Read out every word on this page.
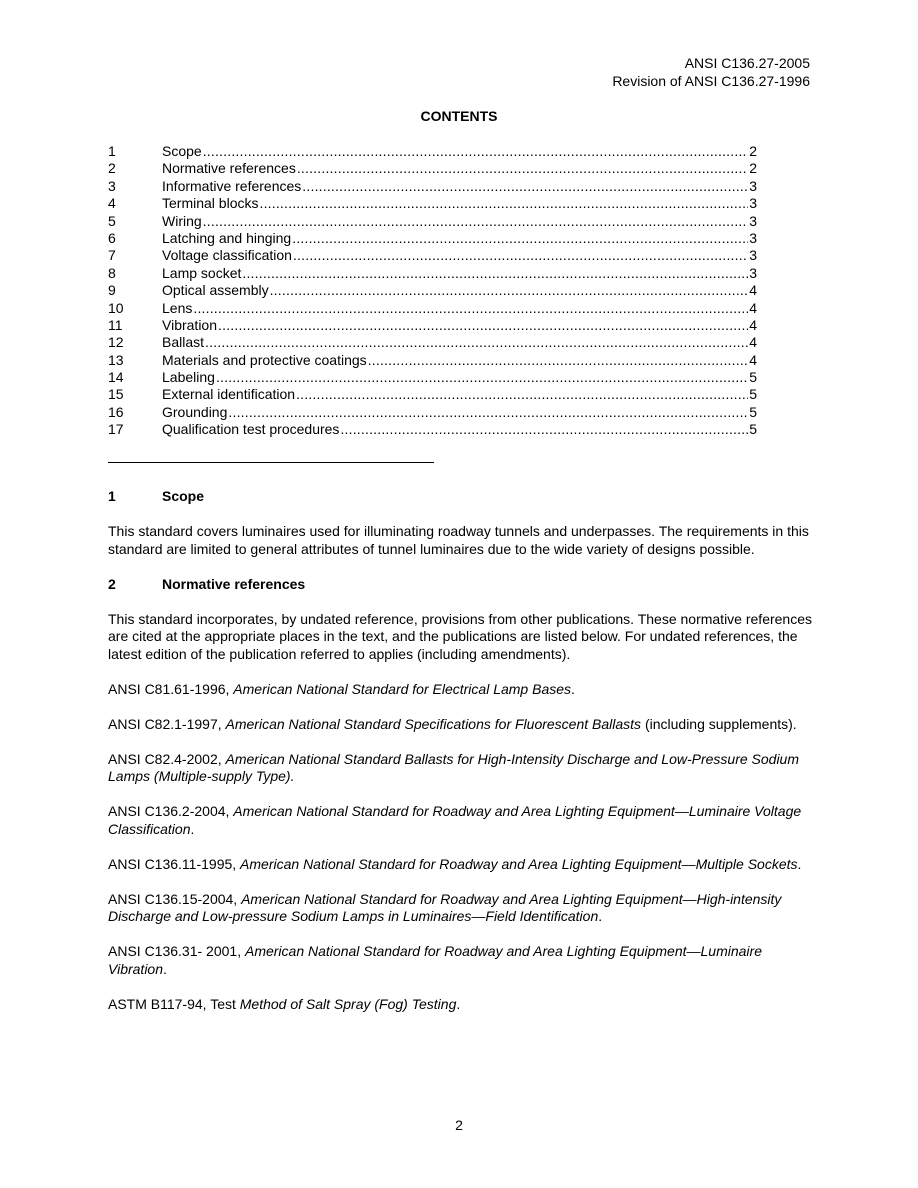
ANSI C136.27-2005
Revision of ANSI C136.27-1996
CONTENTS
1	Scope .....	2
2	Normative references .....	2
3	Informative references .....	3
4	Terminal blocks .....	3
5	Wiring .....	3
6	Latching and hinging .....	3
7	Voltage classification .....	3
8	Lamp socket .....	3
9	Optical assembly .....	4
10	Lens .....	4
11	Vibration .....	4
12	Ballast .....	4
13	Materials and protective coatings .....	4
14	Labeling .....	5
15	External identification .....	5
16	Grounding .....	5
17	Qualification test procedures .....	5
1	Scope

This standard covers luminaires used for illuminating roadway tunnels and underpasses. The requirements in this standard are limited to general attributes of tunnel luminaires due to the wide variety of designs possible.

2	Normative references

This standard incorporates, by undated reference, provisions from other publications. These normative references are cited at the appropriate places in the text, and the publications are listed below. For undated references, the latest edition of the publication referred to applies (including amendments).

ANSI C81.61-1996, American National Standard for Electrical Lamp Bases.

ANSI C82.1-1997, American National Standard Specifications for Fluorescent Ballasts (including supplements).

ANSI C82.4-2002, American National Standard Ballasts for High-Intensity Discharge and Low-Pressure Sodium Lamps (Multiple-supply Type).

ANSI C136.2-2004, American National Standard for Roadway and Area Lighting Equipment—Luminaire Voltage Classification.

ANSI C136.11-1995, American National Standard for Roadway and Area Lighting Equipment—Multiple Sockets.

ANSI C136.15-2004, American National Standard for Roadway and Area Lighting Equipment—High-intensity Discharge and Low-pressure Sodium Lamps in Luminaires—Field Identification.

ANSI C136.31- 2001, American National Standard for Roadway and Area Lighting Equipment—Luminaire Vibration.

ASTM B117-94, Test Method of Salt Spray (Fog) Testing.

2
